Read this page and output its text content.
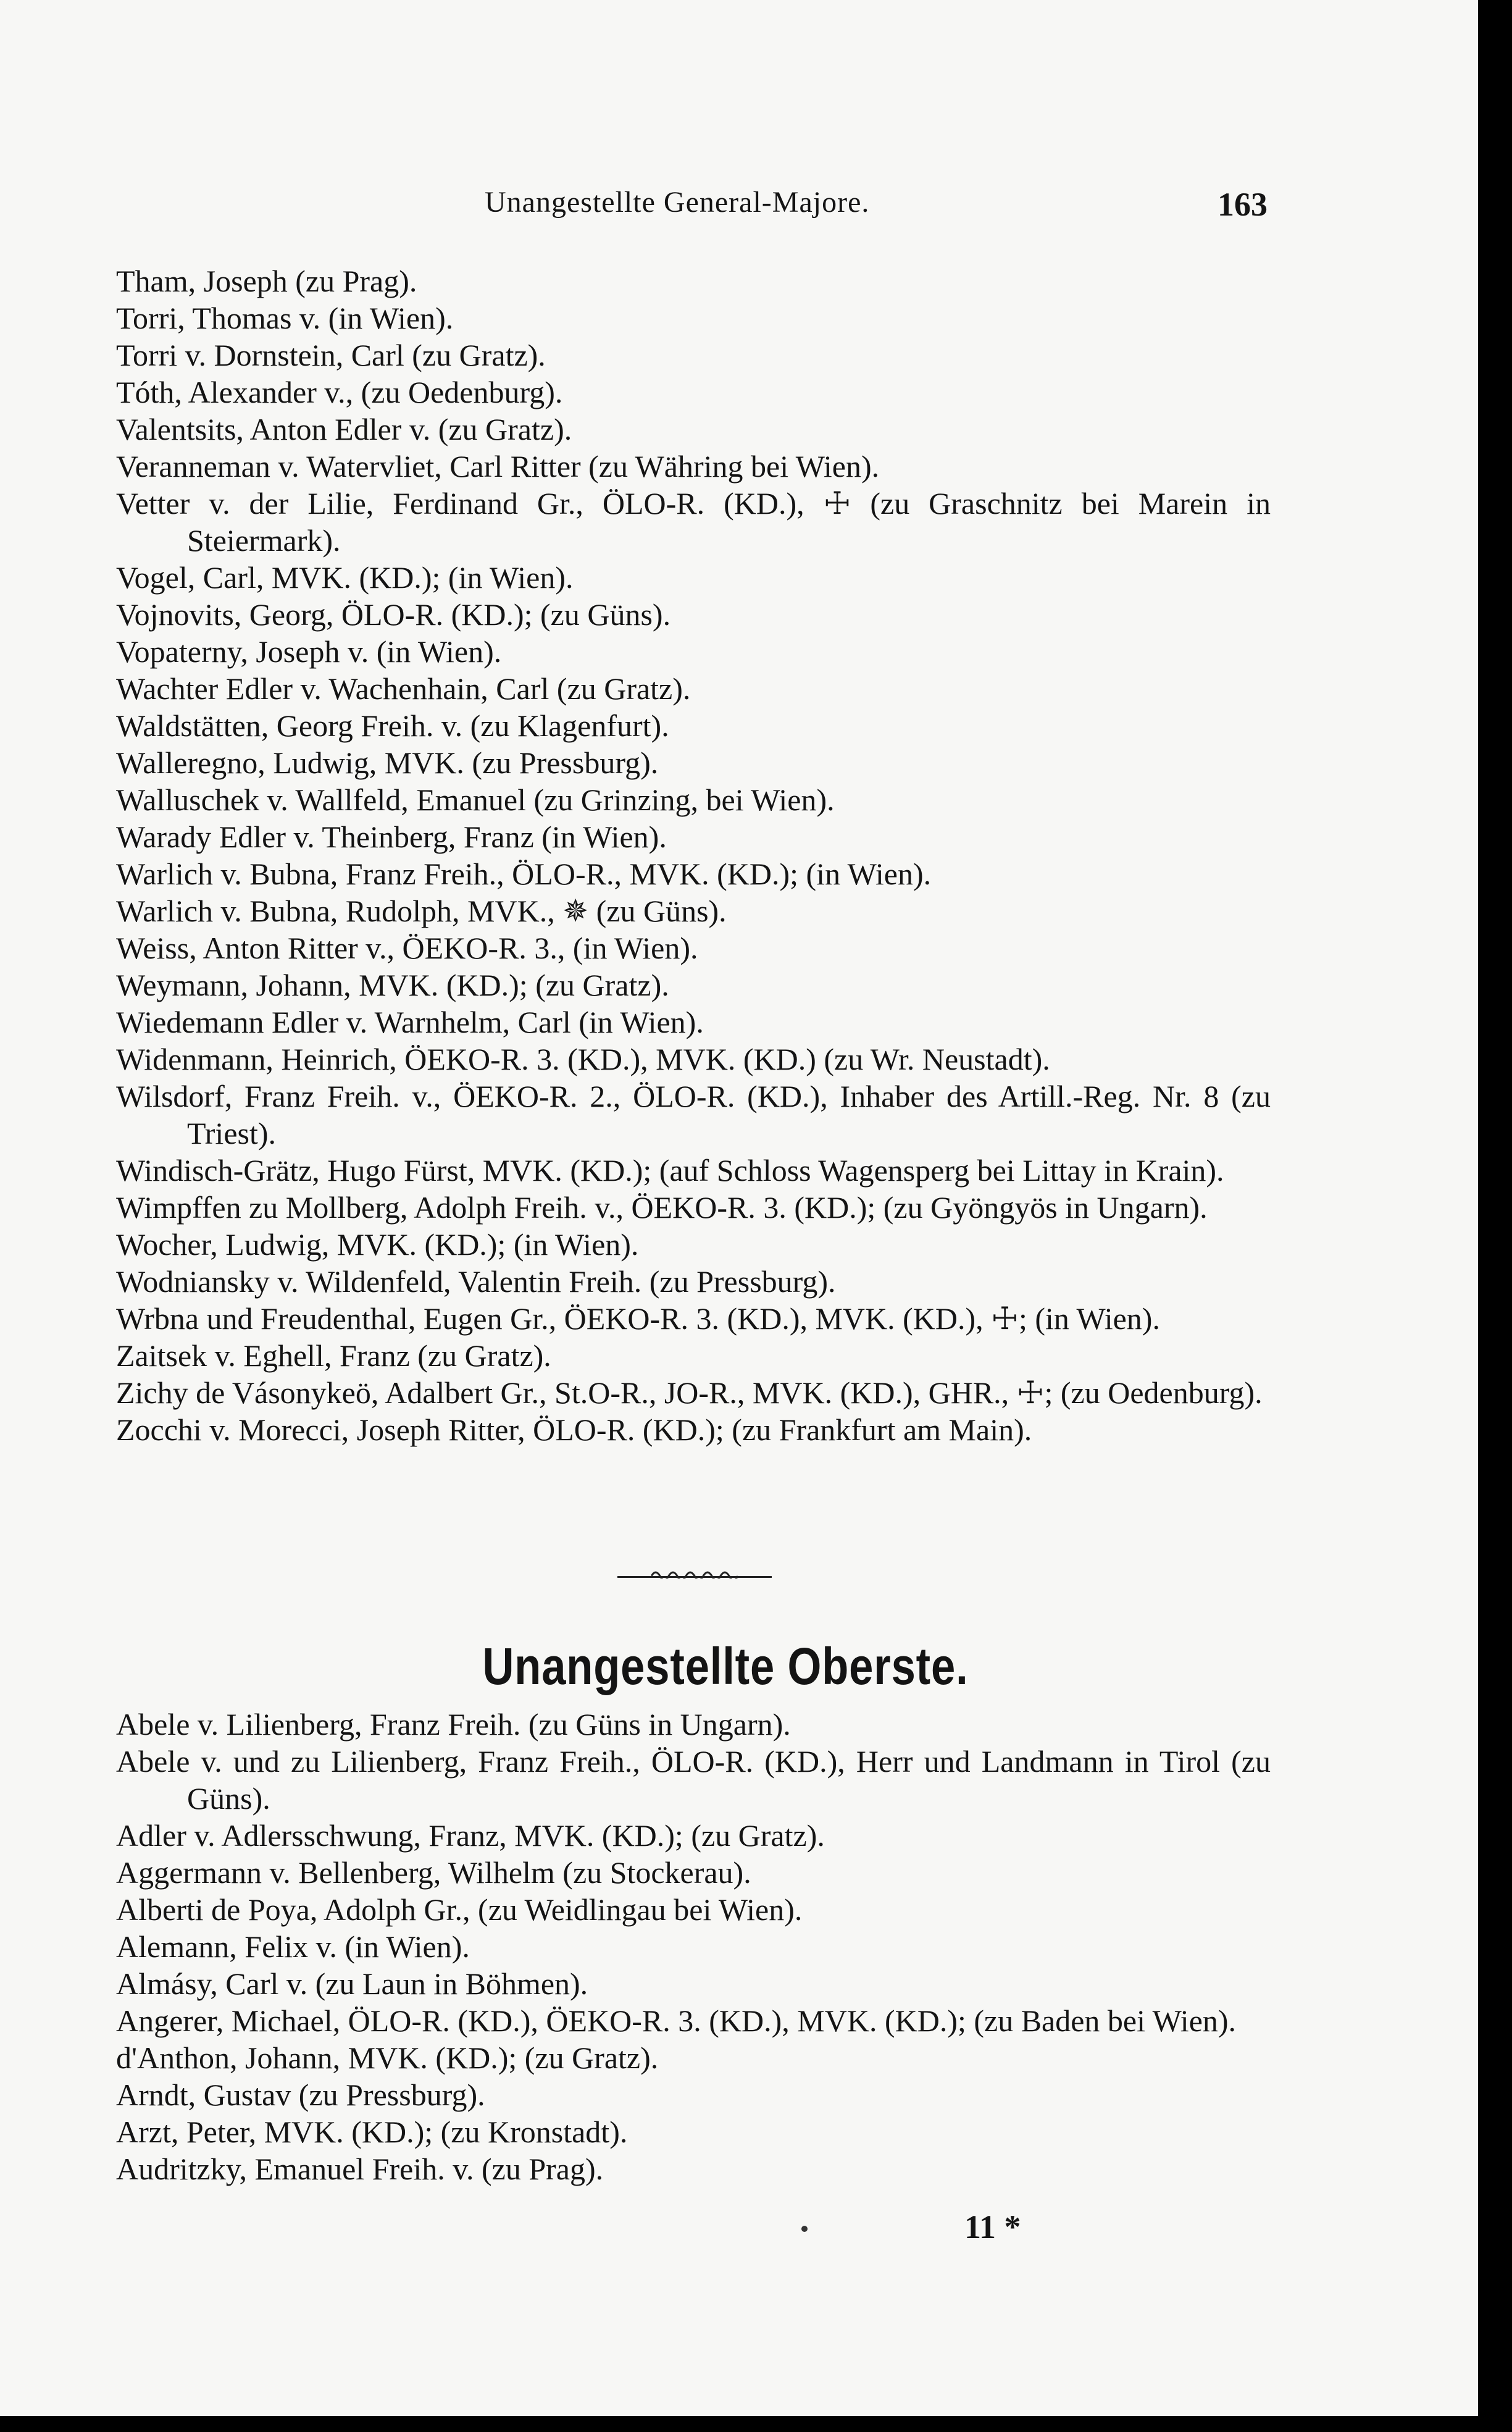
Unangestellte General-Majore.	163
Tham, Joseph (zu Prag).
Torri, Thomas v. (in Wien).
Torri v. Dornstein, Carl (zu Gratz).
Tóth, Alexander v., (zu Oedenburg).
Valentsits, Anton Edler v. (zu Gratz).
Veranneman v. Watervliet, Carl Ritter (zu Währing bei Wien).
Vetter v. der Lilie, Ferdinand Gr., ÖLO-R. (KD.), ☩ (zu Graschnitz bei Marein in Steiermark).
Vogel, Carl, MVK. (KD.); (in Wien).
Vojnovits, Georg, ÖLO-R. (KD.); (zu Güns).
Vopaterny, Joseph v. (in Wien).
Wachter Edler v. Wachenhain, Carl (zu Gratz).
Waldstätten, Georg Freih. v. (zu Klagenfurt).
Walleregno, Ludwig, MVK. (zu Pressburg).
Walluschek v. Wallfeld, Emanuel (zu Grinzing, bei Wien).
Warady Edler v. Theinberg, Franz (in Wien).
Warlich v. Bubna, Franz Freih., ÖLO-R., MVK. (KD.); (in Wien).
Warlich v. Bubna, Rudolph, MVK., ✵ (zu Güns).
Weiss, Anton Ritter v., ÖEKO-R. 3., (in Wien).
Weymann, Johann, MVK. (KD.); (zu Gratz).
Wiedemann Edler v. Warnhelm, Carl (in Wien).
Widenmann, Heinrich, ÖEKO-R. 3. (KD.), MVK. (KD.) (zu Wr. Neustadt).
Wilsdorf, Franz Freih. v., ÖEKO-R. 2., ÖLO-R. (KD.), Inhaber des Artill.-Reg. Nr. 8 (zu Triest).
Windisch-Grätz, Hugo Fürst, MVK. (KD.); (auf Schloss Wagensperg bei Littay in Krain).
Wimpffen zu Mollberg, Adolph Freih. v., ÖEKO-R. 3. (KD.); (zu Gyöngyös in Ungarn).
Wocher, Ludwig, MVK. (KD.); (in Wien).
Wodniansky v. Wildenfeld, Valentin Freih. (zu Pressburg).
Wrbna und Freudenthal, Eugen Gr., ÖEKO-R. 3. (KD.), MVK. (KD.), ☩; (in Wien).
Zaitsek v. Eghell, Franz (zu Gratz).
Zichy de Vásonykeö, Adalbert Gr., St.O-R., JO-R., MVK. (KD.), GHR., ☩; (zu Oedenburg).
Zocchi v. Morecci, Joseph Ritter, ÖLO-R. (KD.); (zu Frankfurt am Main).
Unangestellte Oberste.
Abele v. Lilienberg, Franz Freih. (zu Güns in Ungarn).
Abele v. und zu Lilienberg, Franz Freih., ÖLO-R. (KD.), Herr und Landmann in Tirol (zu Güns).
Adler v. Adlersschwung, Franz, MVK. (KD.); (zu Gratz).
Aggermann v. Bellenberg, Wilhelm (zu Stockerau).
Alberti de Poya, Adolph Gr., (zu Weidlingau bei Wien).
Alemann, Felix v. (in Wien).
Almásy, Carl v. (zu Laun in Böhmen).
Angerer, Michael, ÖLO-R. (KD.), ÖEKO-R. 3. (KD.), MVK. (KD.); (zu Baden bei Wien).
d'Anthon, Johann, MVK. (KD.); (zu Gratz).
Arndt, Gustav (zu Pressburg).
Arzt, Peter, MVK. (KD.); (zu Kronstadt).
Audritzky, Emanuel Freih. v. (zu Prag).
11 *
